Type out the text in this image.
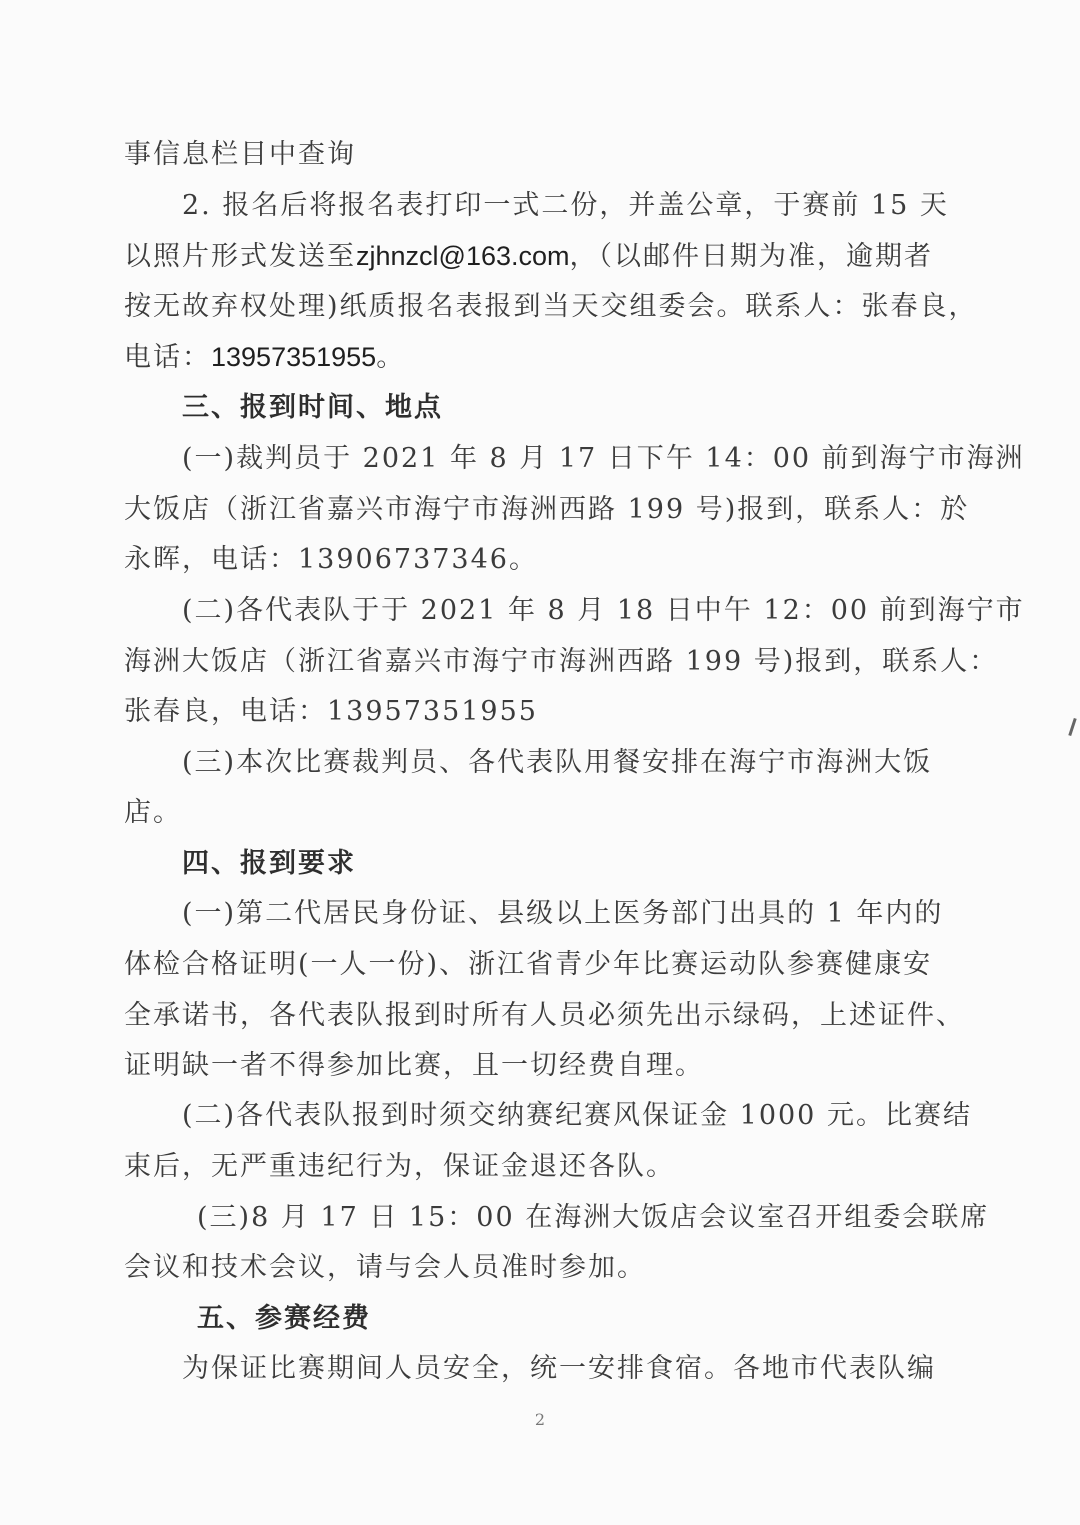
事信息栏目中查询
2. 报名后将报名表打印一式二份，并盖公章，于赛前 15 天
以照片形式发送至zjhnzcl@163.com，（以邮件日期为准，逾期者
按无故弃权处理)纸质报名表报到当天交组委会。联系人：张春良，
电话：13957351955。
三、报到时间、地点
(一)裁判员于 2021 年 8 月 17 日下午 14：00 前到海宁市海洲
大饭店（浙江省嘉兴市海宁市海洲西路 199 号)报到，联系人：於
永晖，电话：13906737346。
(二)各代表队于于 2021 年 8 月 18 日中午 12：00 前到海宁市
海洲大饭店（浙江省嘉兴市海宁市海洲西路 199 号)报到，联系人：
张春良，电话：13957351955
(三)本次比赛裁判员、各代表队用餐安排在海宁市海洲大饭
店。
四、报到要求
(一)第二代居民身份证、县级以上医务部门出具的 1 年内的
体检合格证明(一人一份)、浙江省青少年比赛运动队参赛健康安
全承诺书，各代表队报到时所有人员必须先出示绿码，上述证件、
证明缺一者不得参加比赛，且一切经费自理。
(二)各代表队报到时须交纳赛纪赛风保证金 1000 元。比赛结
束后，无严重违纪行为，保证金退还各队。
(三)8 月 17 日 15：00 在海洲大饭店会议室召开组委会联席
会议和技术会议，请与会人员准时参加。
五、参赛经费
为保证比赛期间人员安全，统一安排食宿。各地市代表队编
2
